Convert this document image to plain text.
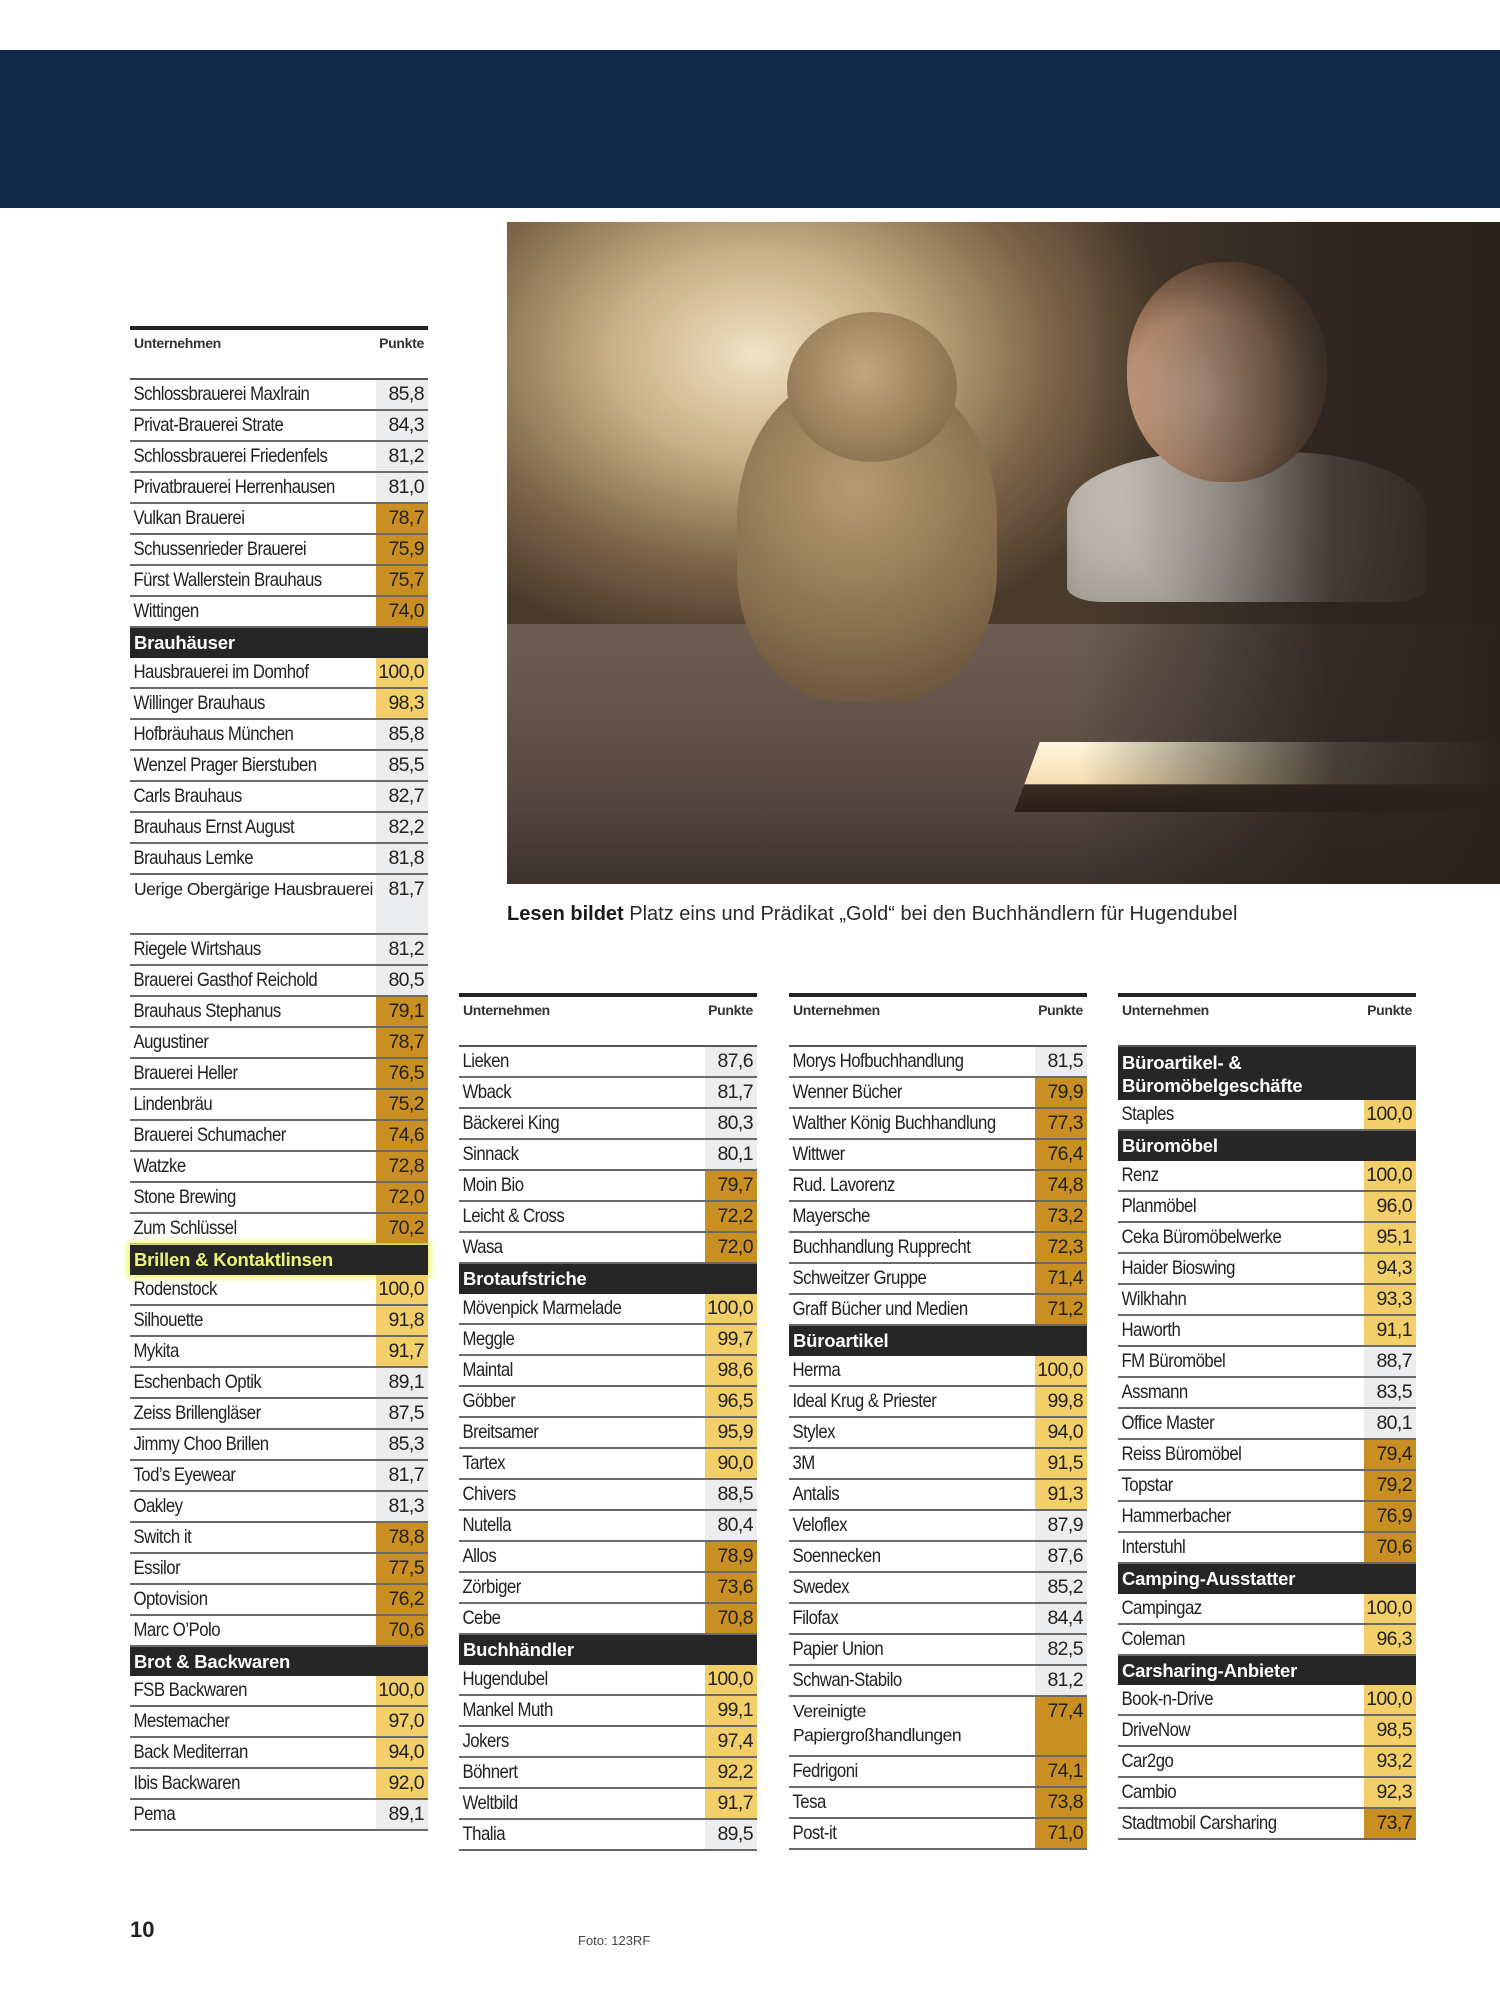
Lesen bildet Platz eins und Prädikat „Gold“ bei den Buchhändlern für Hugendubel
Unternehmen	Punkte
Schlossbrauerei Maxlrain	85,8
Privat-Brauerei Strate	84,3
Schlossbrauerei Friedenfels	81,2
Privatbrauerei Herrenhausen	81,0
Vulkan Brauerei	78,7
Schussenrieder Brauerei	75,9
Fürst Wallerstein Brauhaus	75,7
Wittingen	74,0
Brauhäuser
Hausbrauerei im Domhof	100,0
Willinger Brauhaus	98,3
Hofbräuhaus München	85,8
Wenzel Prager Bierstuben	85,5
Carls Brauhaus	82,7
Brauhaus Ernst August	82,2
Brauhaus Lemke	81,8
Uerige Obergärige Hausbrauerei 81,7
Riegele Wirtshaus	81,2
Brauerei Gasthof Reichold	80,5
Brauhaus Stephanus	79,1
Augustiner	78,7
Brauerei Heller	76,5
Lindenbräu	75,2
Brauerei Schumacher	74,6
Watzke	72,8
Stone Brewing	72,0
Zum Schlüssel	70,2
Brillen & Kontaktlinsen
Rodenstock	100,0
Silhouette	91,8
Mykita	91,7
Eschenbach Optik	89,1
Zeiss Brillengläser	87,5
Jimmy Choo Brillen	85,3
Tod’s Eyewear	81,7
Oakley	81,3
Switch it	78,8
Essilor	77,5
Optovision	76,2
Marc O’Polo	70,6
Brot & Backwaren
FSB Backwaren	100,0
Mestemacher	97,0
Back Mediterran	94,0
Ibis Backwaren	92,0
Pema	89,1
Unternehmen	Punkte
Lieken	87,6
Wback	81,7
Bäckerei King	80,3
Sinnack	80,1
Moin Bio	79,7
Leicht & Cross	72,2
Wasa	72,0
Brotaufstriche
Mövenpick Marmelade	100,0
Meggle	99,7
Maintal	98,6
Göbber	96,5
Breitsamer	95,9
Tartex	90,0
Chivers	88,5
Nutella	80,4
Allos	78,9
Zörbiger	73,6
Cebe	70,8
Buchhändler
Hugendubel	100,0
Mankel Muth	99,1
Jokers	97,4
Böhnert	92,2
Weltbild	91,7
Thalia	89,5
Unternehmen	Punkte
Morys Hofbuchhandlung	81,5
Wenner Bücher	79,9
Walther König Buchhandlung	77,3
Wittwer	76,4
Rud. Lavorenz	74,8
Mayersche	73,2
Buchhandlung Rupprecht	72,3
Schweitzer Gruppe	71,4
Graff Bücher und Medien	71,2
Büroartikel
Herma	100,0
Ideal Krug & Priester	99,8
Stylex	94,0
3M	91,5
Antalis	91,3
Veloflex	87,9
Soennecken	87,6
Swedex	85,2
Filofax	84,4
Papier Union	82,5
Schwan-Stabilo	81,2
Vereinigte Papiergroßhandlungen
77,4
Fedrigoni	74,1
Tesa	73,8
Post-it	71,0
Unternehmen	Punkte
Büroartikel- & Büromöbelgeschäfte
Staples	100,0
Büromöbel
Renz	100,0
Planmöbel	96,0
Ceka Büromöbelwerke	95,1
Haider Bioswing	94,3
Wilkhahn	93,3
Haworth	91,1
FM Büromöbel	88,7
Assmann	83,5
Office Master	80,1
Reiss Büromöbel	79,4
Topstar	79,2
Hammerbacher	76,9
Interstuhl	70,6
Camping-Ausstatter
Campingaz	100,0
Coleman	96,3
Carsharing-Anbieter
Book-n-Drive	100,0
DriveNow	98,5
Car2go	93,2
Cambio	92,3
Stadtmobil Carsharing	73,7
10	Foto: 123RF
